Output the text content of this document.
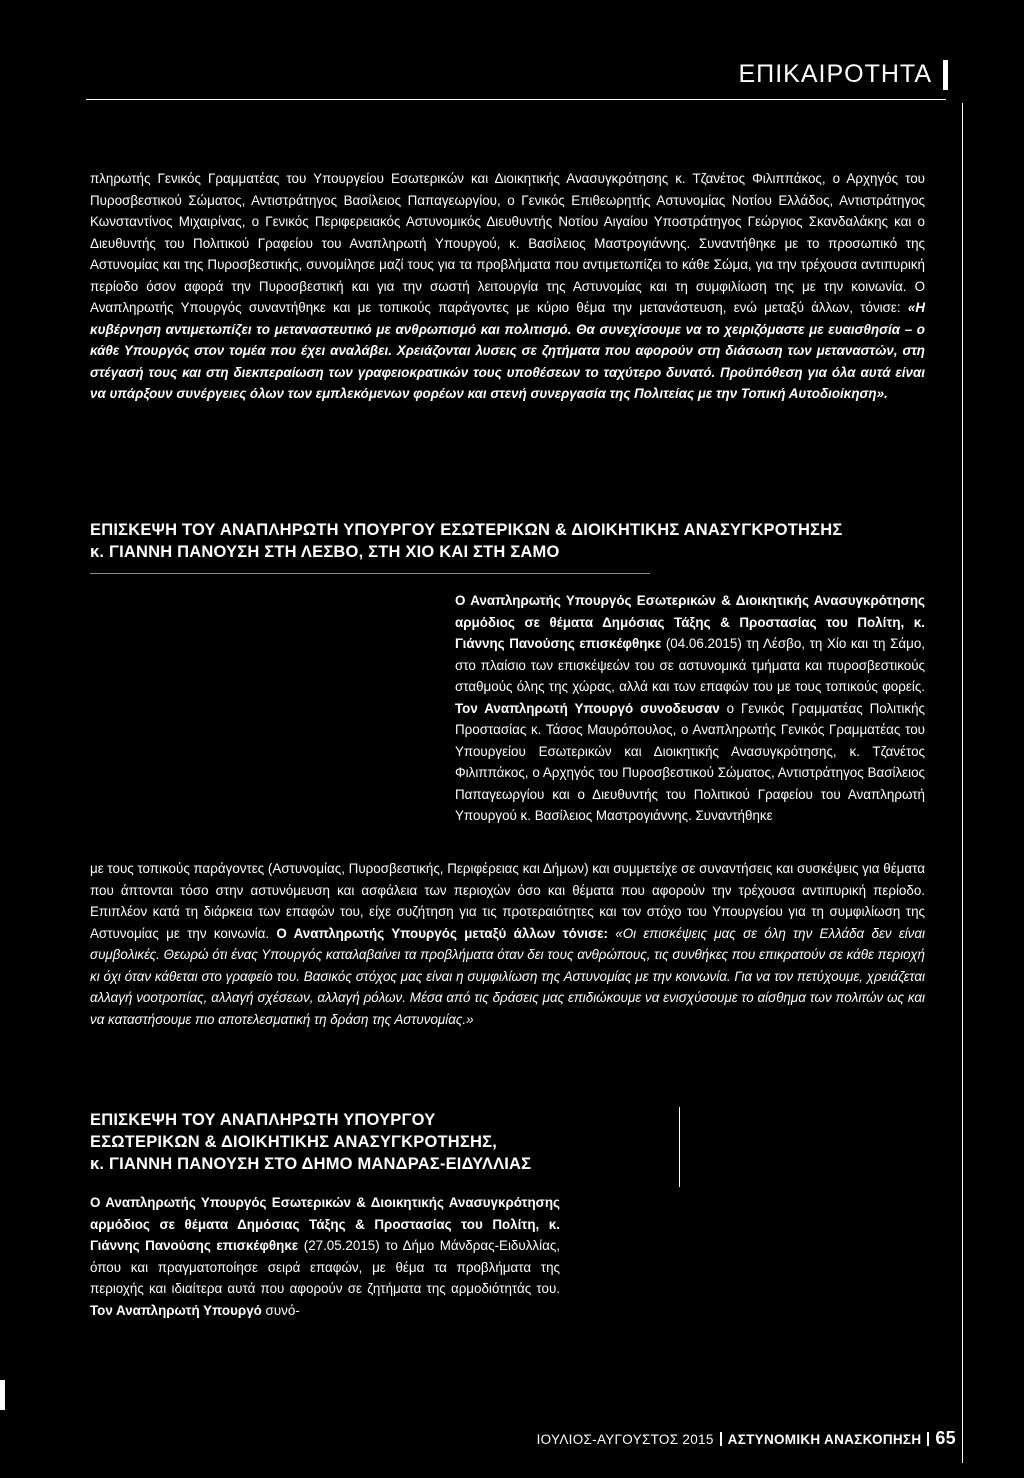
ΕΠΙΚΑΙΡΟΤΗΤΑ
πληρωτής Γενικός Γραμματέας του Υπουργείου Εσωτερικών και Διοικητικής Ανασυγκρότησης κ. Τζανέτος Φιλιππάκος, ο Αρχηγός του Πυροσβεστικού Σώματος, Αντιστράτηγος Βασίλειος Παπαγεωργίου, ο Γενικός Επιθεωρητής Αστυνομίας Νοτίου Ελλάδος, Αντιστράτηγος Κωνσταντίνος Μιχαιρίνας, ο Γενικός Περιφερειακός Αστυνομικός Διευθυντής Νοτίου Αιγαίου Υποστράτηγος Γεώργιος Σκανδαλάκης και ο Διευθυντής του Πολιτικού Γραφείου του Αναπληρωτή Υπουργού, κ. Βασίλειος Μαστρογιάννης. Συναντήθηκε με το προσωπικό της Αστυνομίας και της Πυροσβεστικής, συνομίλησε μαζί τους για τα προβλήματα που αντιμετωπίζει το κάθε Σώμα, για την τρέχουσα αντιπυρική περίοδο όσον αφορά την Πυροσβεστική και για την σωστή λειτουργία της Αστυνομίας και τη συμφιλίωση της με την κοινωνία. Ο Αναπληρωτής Υπουργός συναντήθηκε και με τοπικούς παράγοντες με κύριο θέμα την μετανάστευση, ενώ μεταξύ άλλων, τόνισε: «Η κυβέρνηση αντιμετωπίζει το μεταναστευτικό με ανθρωπισμό και πολιτισμό. Θα συνεχίσουμε να το χειριζόμαστε με ευαισθησία – ο κάθε Υπουργός στον τομέα που έχει αναλάβει. Χρειάζονται λυσεις σε ζητήματα που αφορούν στη διάσωση των μεταναστών, στη στέγασή τους και στη διεκπεραίωση των γραφειοκρατικών τους υποθέσεων το ταχύτερο δυνατό. Προϋπόθεση για όλα αυτά είναι να υπάρξουν συνέργειες όλων των εμπλεκόμενων φορέων και στενή συνεργασία της Πολιτείας με την Τοπική Αυτοδιοίκηση».
ΕΠΙΣΚΕΨΗ ΤΟΥ ΑΝΑΠΛΗΡΩΤΗ ΥΠΟΥΡΓΟΥ ΕΣΩΤΕΡΙΚΩΝ & ΔΙΟΙΚΗΤΙΚΗΣ ΑΝΑΣΥΓΚΡΟΤΗΣΗΣ
κ. ΓΙΑΝΝΗ ΠΑΝΟΥΣΗ ΣΤΗ ΛΕΣΒΟ, ΣΤΗ ΧΙΟ ΚΑΙ ΣΤΗ ΣΑΜΟ
Ο Αναπληρωτής Υπουργός Εσωτερικών & Διοικητικής Ανασυγκρότησης αρμόδιος σε θέματα Δημόσιας Τάξης & Προστασίας του Πολίτη, κ. Γιάννης Πανούσης επισκέφθηκε (04.06.2015) τη Λέσβο, τη Χίο και τη Σάμο, στο πλαίσιο των επισκέψεών του σε αστυνομικά τμήματα και πυροσβεστικούς σταθμούς όλης της χώρας, αλλά και των επαφών του με τους τοπικούς φορείς. Τον Αναπληρωτή Υπουργό συνοδευσαν ο Γενικός Γραμματέας Πολιτικής Προστασίας κ. Τάσος Μαυρόπουλος, ο Αναπληρωτής Γενικός Γραμματέας του Υπουργείου Εσωτερικών και Διοικητικής Ανασυγκρότησης, κ. Τζανέτος Φιλιππάκος, ο Αρχηγός του Πυροσβεστικού Σώματος, Αντιστράτηγος Βασίλειος Παπαγεωργίου και ο Διευθυντής του Πολιτικού Γραφείου του Αναπληρωτή Υπουργού κ. Βασίλειος Μαστρογιάννης. Συναντήθηκε
με τους τοπικούς παράγοντες (Αστυνομίας, Πυροσβεστικής, Περιφέρειας και Δήμων) και συμμετείχε σε συναντήσεις και συσκέψεις για θέματα που άπτονται τόσο στην αστυνόμευση και ασφάλεια των περιοχών όσο και θέματα που αφορούν την τρέχουσα αντιπυρική περίοδο. Επιπλέον κατά τη διάρκεια των επαφών του, είχε συζήτηση για τις προτεραιότητες και τον στόχο του Υπουργείου για τη συμφιλίωση της Αστυνομίας με την κοινωνία. Ο Αναπληρωτής Υπουργός μεταξύ άλλων τόνισε: «Οι επισκέψεις μας σε όλη την Ελλάδα δεν είναι συμβολικές. Θεωρώ ότι ένας Υπουργός καταλαβαίνει τα προβλήματα όταν δει τους ανθρώπους, τις συνθήκες που επικρατούν σε κάθε περιοχή κι όχι όταν κάθεται στο γραφείο του. Βασικός στόχος μας είναι η συμφιλίωση της Αστυνομίας με την κοινωνία. Για να τον πετύχουμε, χρειάζεται αλλαγή νοοτροπίας, αλλαγή σχέσεων, αλλαγή ρόλων. Μέσα από τις δράσεις μας επιδιώκουμε να ενισχύσουμε το αίσθημα των πολιτών ως και να καταστήσουμε πιο αποτελεσματική τη δράση της Αστυνομίας.»
ΕΠΙΣΚΕΨΗ ΤΟΥ ΑΝΑΠΛΗΡΩΤΗ ΥΠΟΥΡΓΟΥ
ΕΣΩΤΕΡΙΚΩΝ & ΔΙΟΙΚΗΤΙΚΗΣ ΑΝΑΣΥΓΚΡΟΤΗΣΗΣ,
κ. ΓΙΑΝΝΗ ΠΑΝΟΥΣΗ ΣΤΟ ΔΗΜΟ ΜΑΝΔΡΑΣ-ΕΙΔΥΛΛΙΑΣ
Ο Αναπληρωτής Υπουργός Εσωτερικών & Διοικητικής Ανασυγκρότησης αρμόδιος σε θέματα Δημόσιας Τάξης & Προστασίας του Πολίτη, κ. Γιάννης Πανούσης επισκέφθηκε (27.05.2015) το Δήμο Μάνδρας-Ειδυλλίας, όπου και πραγματοποίησε σειρά επαφών, με θέμα τα προβλήματα της περιοχής και ιδιαίτερα αυτά που αφορούν σε ζητήματα της αρμοδιότητάς του. Τον Αναπληρωτή Υπουργό συνό-
ΙΟΥΛΙΟΣ-ΑΥΓΟΥΣΤΟΣ 2015 ΑΣΤΥΝΟΜΙΚΗ ΑΝΑΣΚΟΠΗΣΗ 65
